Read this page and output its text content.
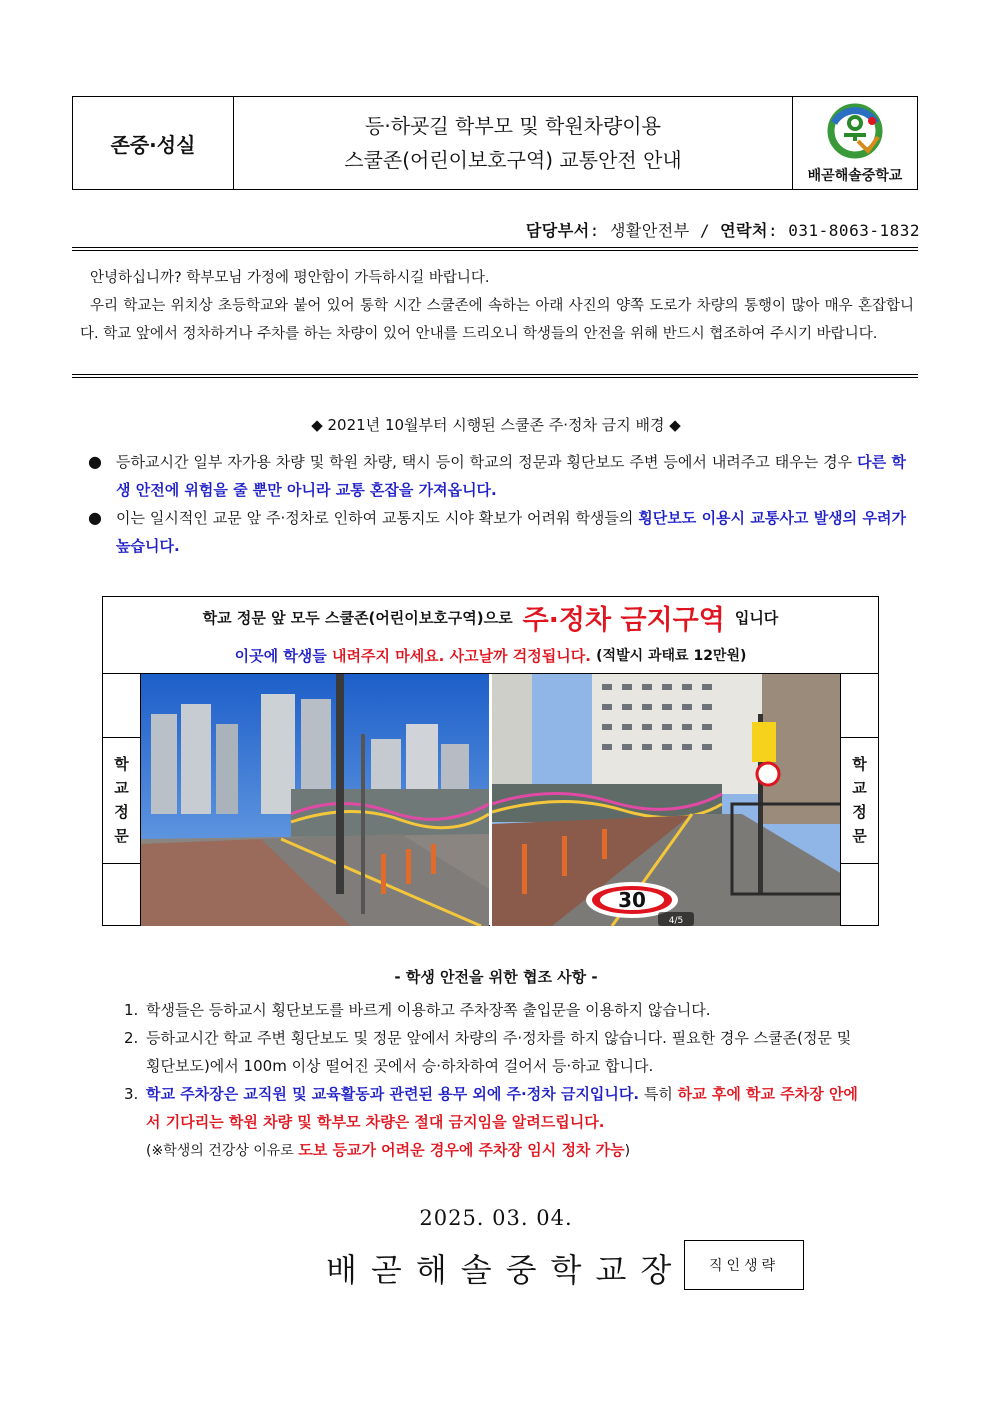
존중·성실
등·하굣길 학부모 및 학원차량이용
스쿨존(어린이보호구역) 교통안전 안내
배곧해솔중학교
담당부서: 생활안전부 / 연락처: 031-8063-1832

안녕하십니까? 학부모님 가정에 평안함이 가득하시길 바랍니다.

우리 학교는 위치상 초등학교와 붙어 있어 통학 시간 스쿨존에 속하는 아래 사진의 양쪽 도로가 차량의 통행이 많아 매우 혼잡합니다. 학교 앞에서 정차하거나 주차를 하는 차량이 있어 안내를 드리오니 학생들의 안전을 위해 반드시 협조하여 주시기 바랍니다.

◆ 2021년 10월부터 시행된 스쿨존 주·정차 금지 배경 ◆
● 등하교시간 일부 자가용 차량 및 학원 차량, 택시 등이 학교의 정문과 횡단보도 주변 등에서 내려주고 태우는 경우 다른 학생 안전에 위험을 줄 뿐만 아니라 교통 혼잡을 가져옵니다.
● 이는 일시적인 교문 앞 주·정차로 인하여 교통지도 시야 확보가 어려워 학생들의 횡단보도 이용시 교통사고 발생의 우려가 높습니다.
학교 정문 앞 모두 스쿨존(어린이보호구역)으로 주·정차 금지구역 입니다
이곳에 학생들
내려주지 마세요. 사고날까 걱정됩니다.
(적발시 과태료 12만원)
학
교
정
문
30
4/5
학
교
정
문
- 학생 안전을 위한 협조 사항 -
1. 학생들은 등하교시 횡단보도를 바르게 이용하고 주차장쪽 출입문을 이용하지 않습니다.
2. 등하교시간 학교 주변 횡단보도 및 정문 앞에서 차량의 주·정차를 하지 않습니다. 필요한 경우 스쿨존(정문 및 횡단보도)에서 100m 이상 떨어진 곳에서 승·하차하여 걸어서 등·하교 합니다.
3. 학교 주차장은 교직원 및 교육활동과 관련된 용무 외에 주·정차 금지입니다. 특히 하교 후에 학교 주차장 안에서 기다리는 학원 차량 및 학부모 차량은 절대 금지임을 알려드립니다.
(※학생의 건강상 이유로 도보 등교가 어려운 경우에 주차장 임시 정차 가능)
2025. 03. 04.
배곧해솔중학교장	직인생략
